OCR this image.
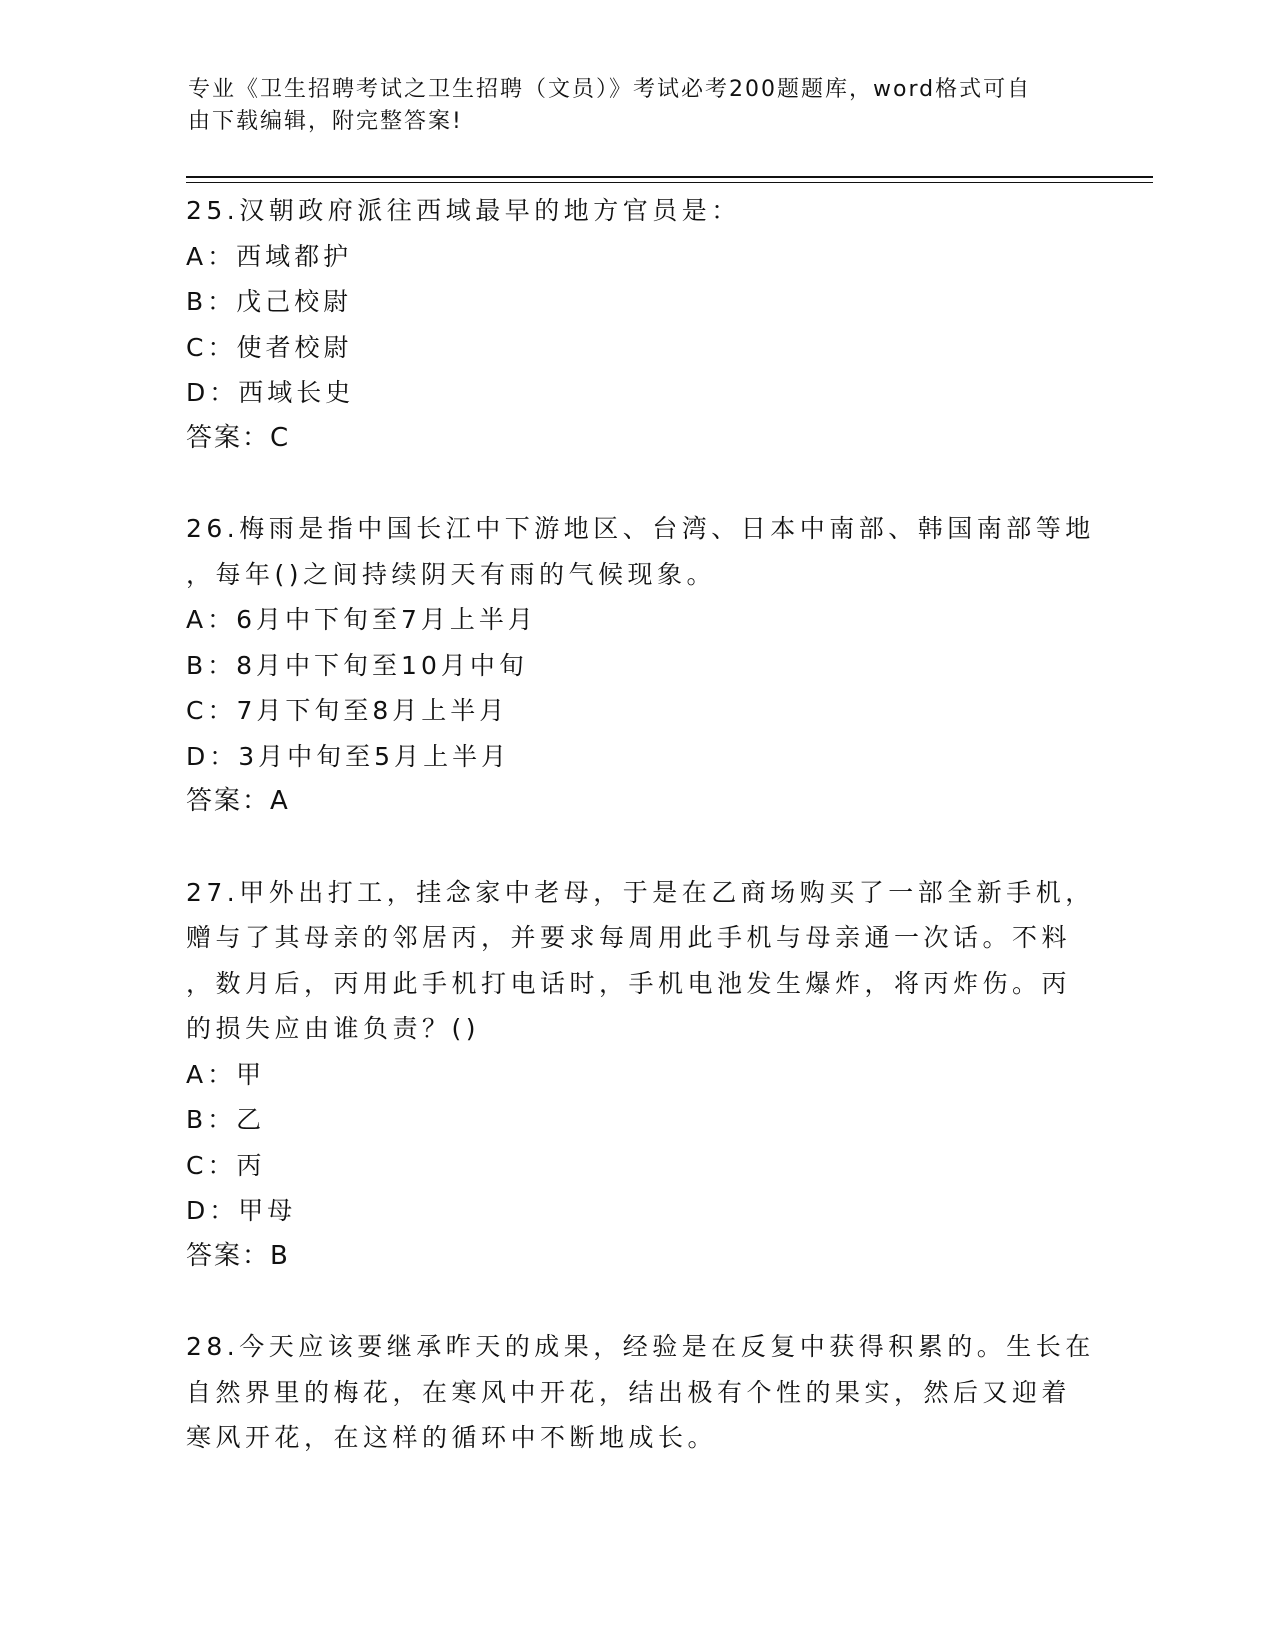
专业《卫生招聘考试之卫生招聘（文员）》考试必考200题题库，word格式可自
由下载编辑，附完整答案!
25.汉朝政府派往西域最早的地方官员是：
A：西域都护
B：戊己校尉
C：使者校尉
D：西域长史
答案：C
26.梅雨是指中国长江中下游地区、台湾、日本中南部、韩国南部等地
，每年()之间持续阴天有雨的气候现象。
A：6月中下旬至7月上半月
B：8月中下旬至10月中旬
C：7月下旬至8月上半月
D：3月中旬至5月上半月
答案：A
27.甲外出打工，挂念家中老母，于是在乙商场购买了一部全新手机，
赠与了其母亲的邻居丙，并要求每周用此手机与母亲通一次话。不料
，数月后，丙用此手机打电话时，手机电池发生爆炸，将丙炸伤。丙
的损失应由谁负责？()
A：甲
B：乙
C：丙
D：甲母
答案：B
28.今天应该要继承昨天的成果，经验是在反复中获得积累的。生长在
自然界里的梅花，在寒风中开花，结出极有个性的果实，然后又迎着
寒风开花，在这样的循环中不断地成长。
